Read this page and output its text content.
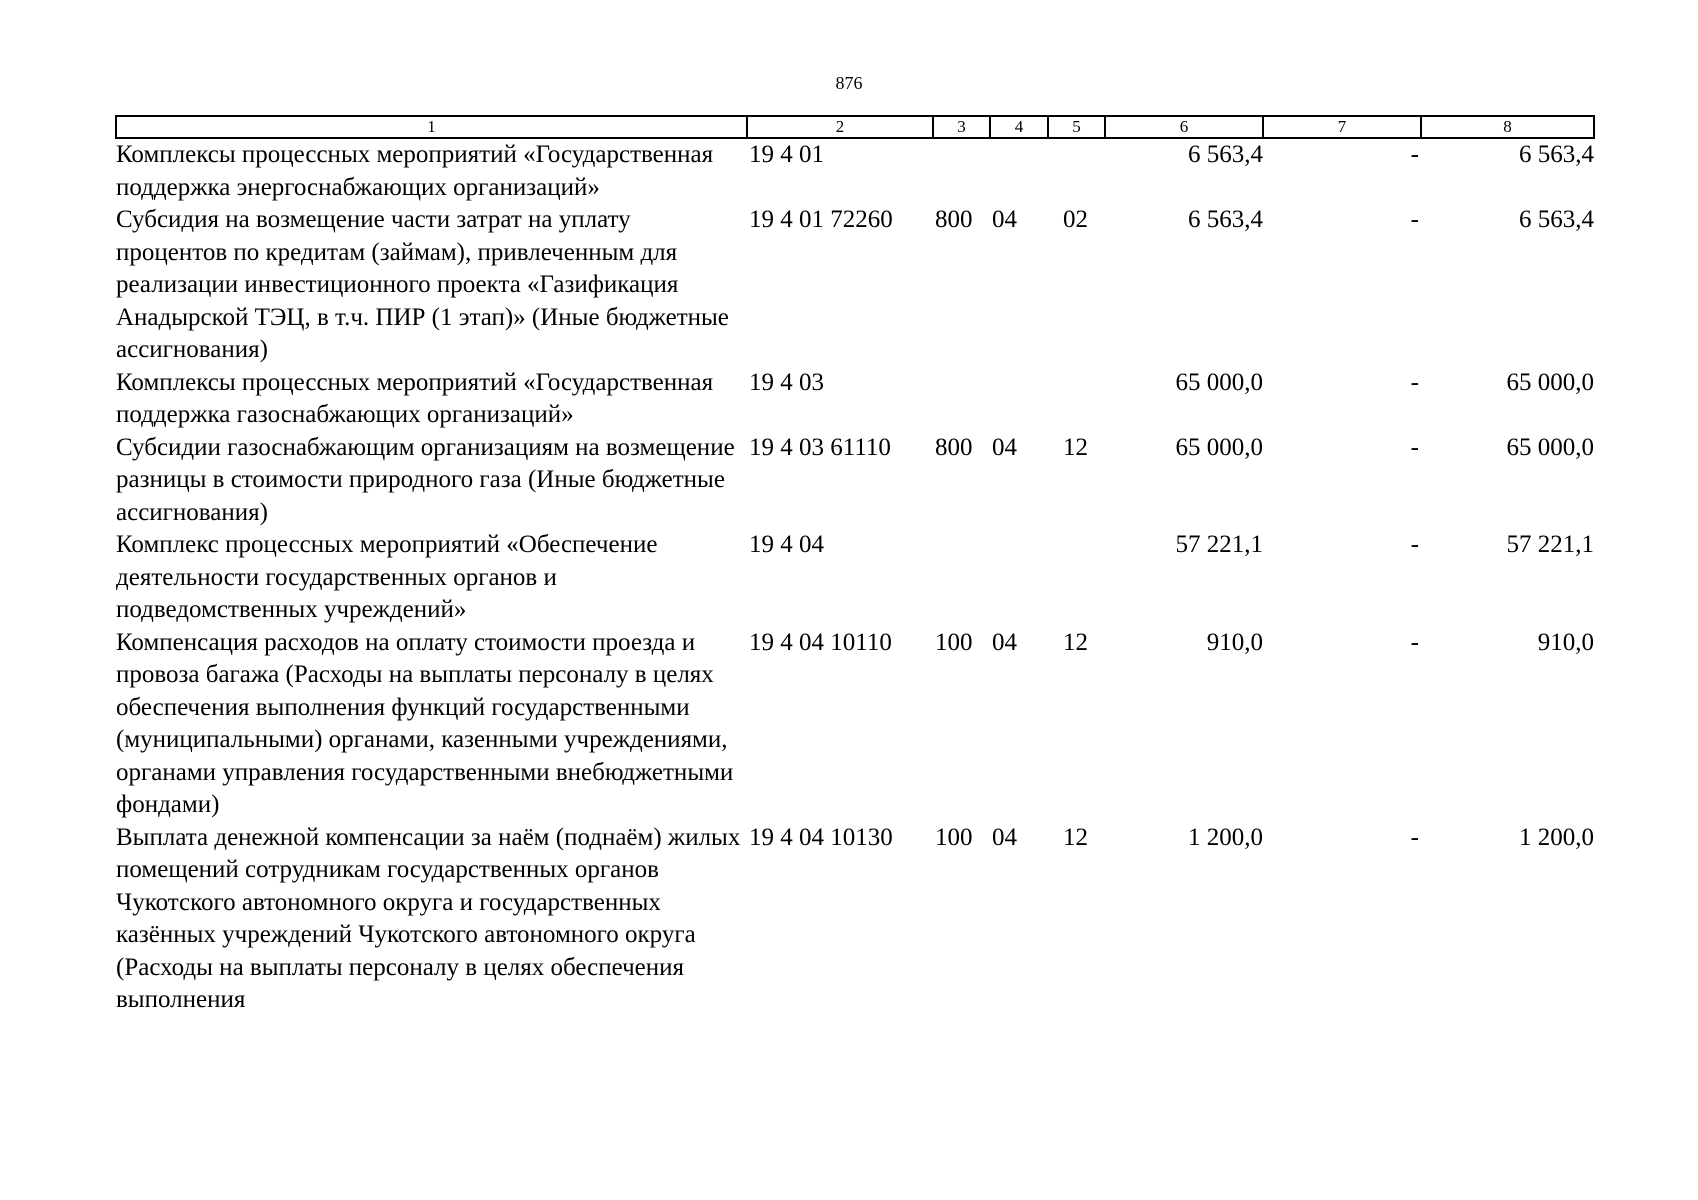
876
1	2	3	4	5	6	7	8
Комплексы процессных мероприятий «Государственная поддержка энергоснабжающих организаций»	19 4 01				6 563,4	-	6 563,4
Субсидия на возмещение части затрат на уплату процентов по кредитам (займам), привлеченным для реализации инвестиционного проекта «Газификация Анадырской ТЭЦ, в т.ч. ПИР (1 этап)» (Иные бюджетные ассигнования)	19 4 01 72260	800	04	02	6 563,4	-	6 563,4
Комплексы процессных мероприятий «Государственная поддержка газоснабжающих организаций»	19 4 03				65 000,0	-	65 000,0
Субсидии газоснабжающим организациям на возмещение разницы в стоимости природного газа (Иные бюджетные ассигнования)	19 4 03 61110	800	04	12	65 000,0	-	65 000,0
Комплекс процессных мероприятий «Обеспечение деятельности государственных органов и подведомственных учреждений»	19 4 04				57 221,1	-	57 221,1
Компенсация расходов на оплату стоимости проезда и провоза багажа (Расходы на выплаты персоналу в целях обеспечения выполнения функций государственными (муниципальными) органами, казенными учреждениями, органами управления государственными внебюджетными фондами)	19 4 04 10110	100	04	12	910,0	-	910,0
Выплата денежной компенсации за наём (поднаём) жилых помещений сотрудникам государственных органов Чукотского автономного округа и государственных казённых учреждений Чукотского автономного округа (Расходы на выплаты персоналу в целях обеспечения выполнения	19 4 04 10130	100	04	12	1 200,0	-	1 200,0
